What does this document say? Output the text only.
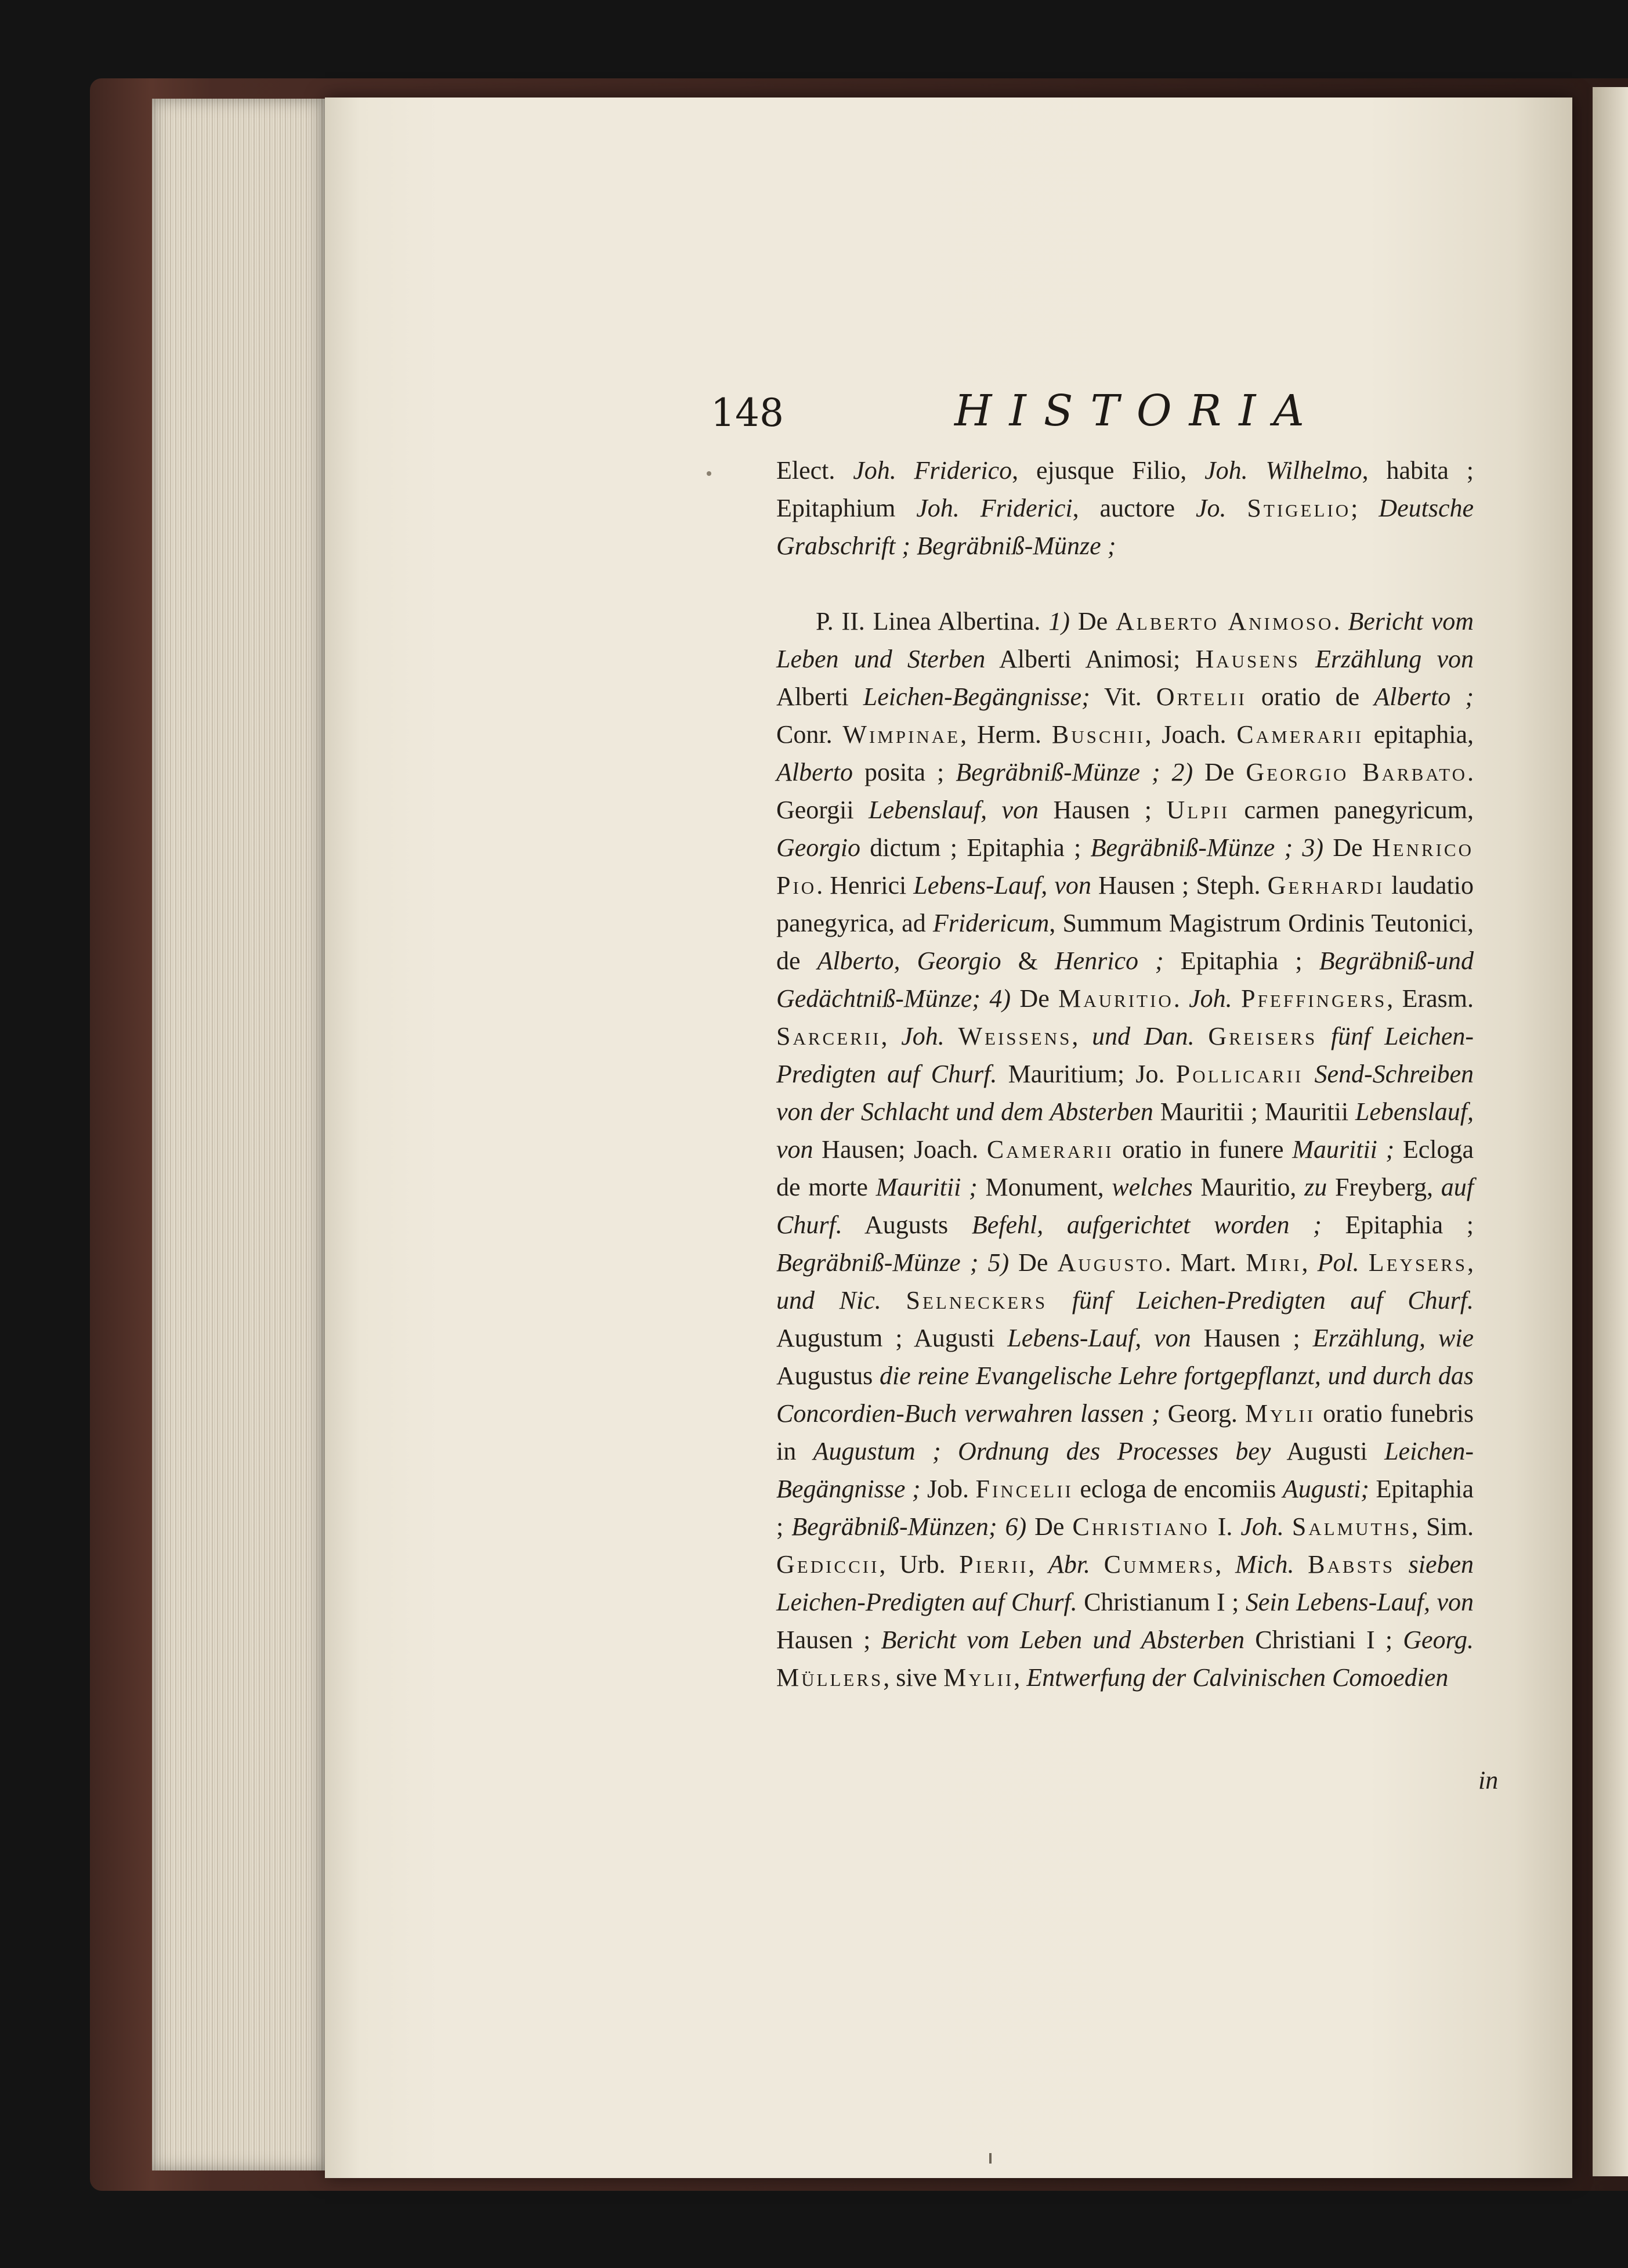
148	HISTORIA

Elect. Joh. Friderico, ejusque Filio, Joh. Wilhelmo, habita ; Epitaphium Joh. Friderici, auctore Jo. Stigelio; Deutsche Grabschrift ; Begräbniß-Münze ;

P. II. Linea Albertina. 1) De Alberto Animoso. Bericht vom Leben und Sterben Alberti Animosi; Hausens Erzählung von Alberti Leichen-Begängnisse; Vit. Ortelii oratio de Alberto ; Conr. Wimpinae, Herm. Buschii, Joach. Camerarii epitaphia, Alberto posita ; Begräbniß-Münze ; 2) De Georgio Barbato. Georgii Lebenslauf, von Hausen ; Ulpii carmen panegyricum, Georgio dictum ; Epitaphia ; Begräbniß-Münze ; 3) De Henrico Pio. Henrici Lebens-Lauf, von Hausen ; Steph. Gerhardi laudatio panegyrica, ad Fridericum, Summum Magistrum Ordinis Teutonici, de Alberto, Georgio & Henrico ; Epitaphia ; Begräbniß-und Gedächtniß-Münze; 4) De Mauritio. Joh. Pfeffingers, Erasm. Sarcerii, Joh. Weissens, und Dan. Greisers fünf Leichen-Predigten auf Churf. Mauritium; Jo. Pollicarii Send-Schreiben von der Schlacht und dem Absterben Mauritii ; Mauritii Lebenslauf, von Hausen; Joach. Camerarii oratio in funere Mauritii ; Ecloga de morte Mauritii ; Monument, welches Mauritio, zu Freyberg, auf Churf. Augusts Befehl, aufgerichtet worden ; Epitaphia ; Begräbniß-Münze ; 5) De Augusto. Mart. Miri, Pol. Leysers, und Nic. Selneckers fünf Leichen-Predigten auf Churf. Augustum ; Augusti Lebens-Lauf, von Hausen ; Erzählung, wie Augustus die reine Evangelische Lehre fortgepflanzt, und durch das Concordien-Buch verwahren lassen ; Georg. Mylii oratio funebris in Augustum ; Ordnung des Processes bey Augusti Leichen-Begängnisse ; Job. Fincelii ecloga de encomiis Augusti; Epitaphia ; Begräbniß-Münzen; 6) De Christiano I. Joh. Salmuths, Sim. Gediccii, Urb. Pierii, Abr. Cummers, Mich. Babsts sieben Leichen-Predigten auf Churf. Christianum I ; Sein Lebens-Lauf, von Hausen ; Bericht vom Leben und Absterben Christiani I ; Georg. Müllers, sive Mylii, Entwerfung der Calvinischen Comoedien

in
